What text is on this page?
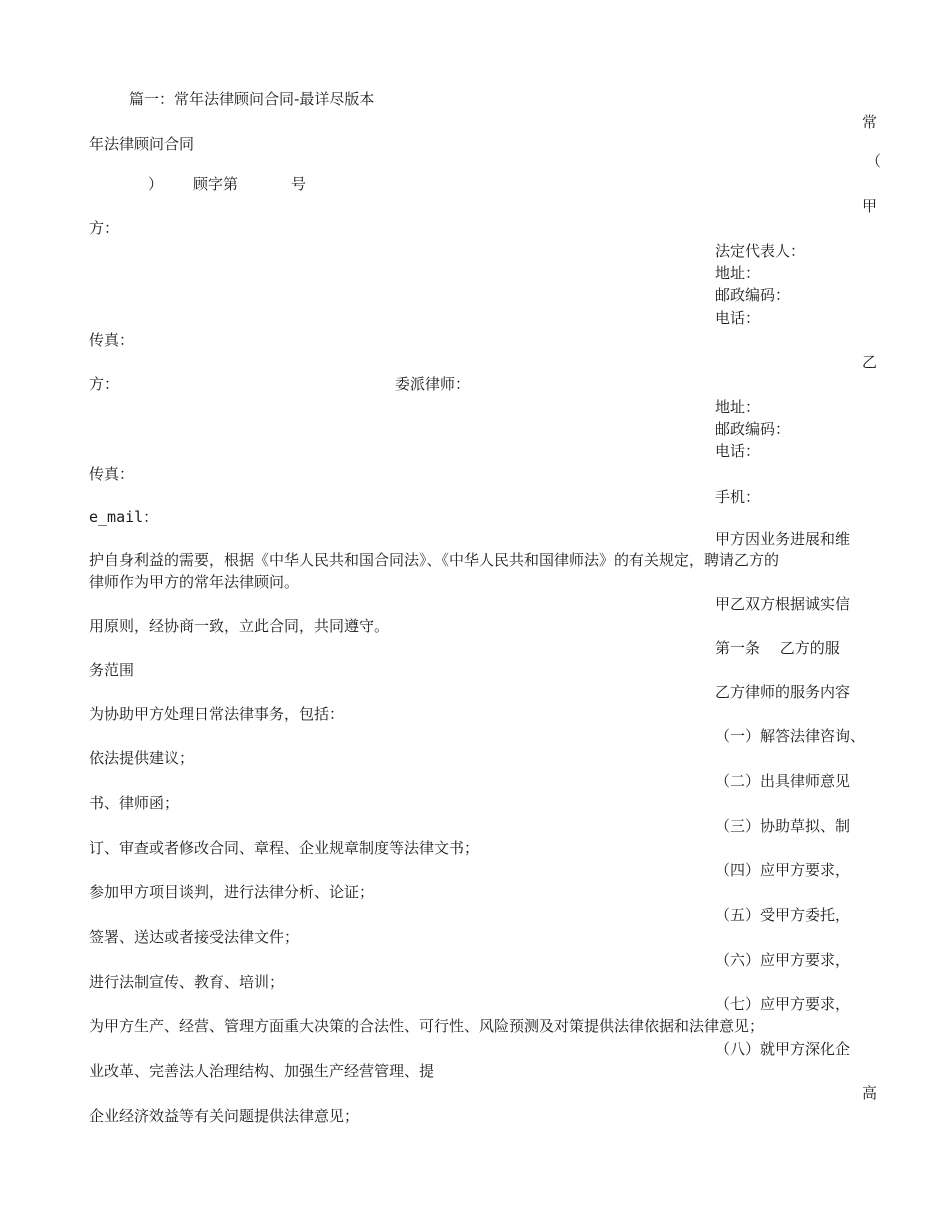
篇一：常年法律顾问合同-最详尽版本
常
年法律顾问合同
（
） 顾字第	号
甲
方：
法定代表人：
地址：
邮政编码：
电话：
传真：
乙
方：	委派律师：
地址：
邮政编码：
电话：
传真：
手机：
e_mail：
甲方因业务进展和维
护自身利益的需要，根据《中华人民共和国合同法》、《中华人民共和国律师法》的有关规定，聘请乙方的
律师作为甲方的常年法律顾问。
甲乙双方根据诚实信
用原则，经协商一致，立此合同，共同遵守。
第一条　 乙方的服
务范围
乙方律师的服务内容
为协助甲方处理日常法律事务，包括：
（一）解答法律咨询、
依法提供建议；
（二）出具律师意见
书、律师函；
（三）协助草拟、制
订、审查或者修改合同、章程、企业规章制度等法律文书；
（四）应甲方要求，
参加甲方项目谈判，进行法律分析、论证；
（五）受甲方委托，
签署、送达或者接受法律文件；
（六）应甲方要求，
进行法制宣传、教育、培训；
（七）应甲方要求，
为甲方生产、经营、管理方面重大决策的合法性、可行性、风险预测及对策提供法律依据和法律意见；
（八）就甲方深化企
业改革、完善法人治理结构、加强生产经营管理、提
高
企业经济效益等有关问题提供法律意见；
